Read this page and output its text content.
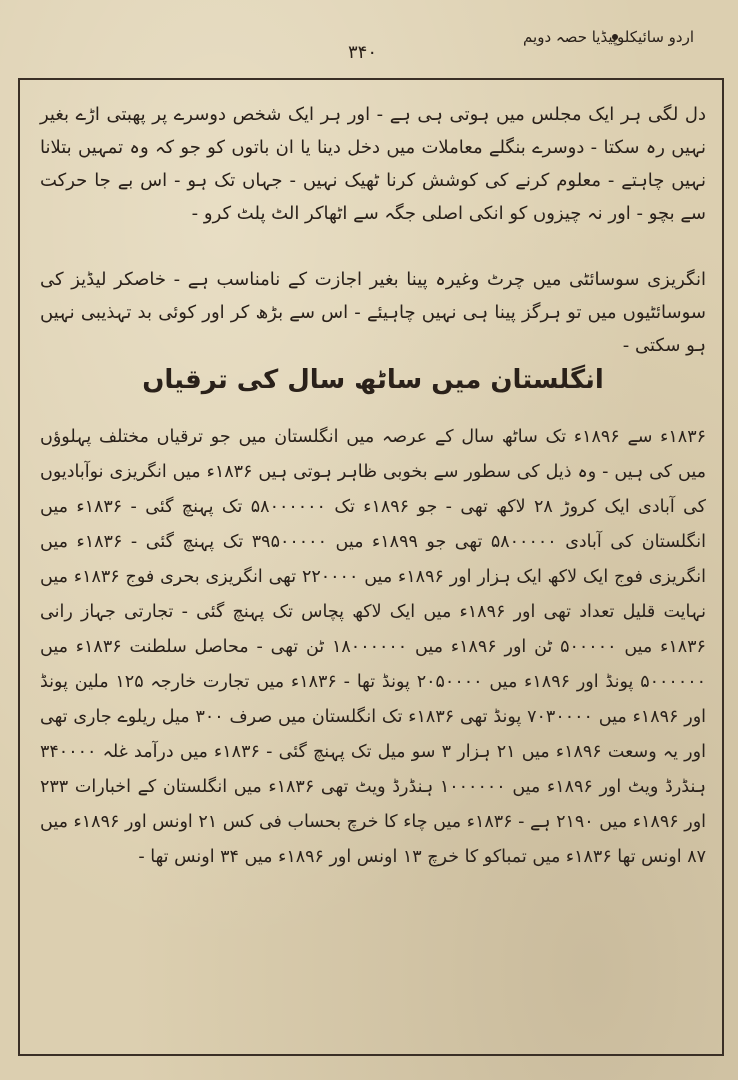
اردو سائیکلوپیڈیا حصہ دویم
۳۴۰

دل لگی ہر ایک مجلس میں ہوتی ہی ہے - اور ہر ایک شخص دوسرے پر پھبتی اڑے بغیر نہیں رہ سکتا - دوسرے بنگلے معاملات میں دخل دینا یا ان باتوں کو جو کہ وہ تمہیں بتلانا نہیں چاہتے - معلوم کرنے کی کوشش کرنا ٹھیک نہیں - جہاں تک ہو - اس بے جا حرکت سے بچو - اور نہ چیزوں کو انکی اصلی جگہ سے اٹھاکر الٹ پلٹ کرو -

انگریزی سوسائٹی میں چرٹ وغیرہ پینا بغیر اجازت کے نامناسب ہے - خاصکر لیڈیز کی سوسائٹیوں میں تو ہرگز پینا ہی نہیں چاہیئے - اس سے بڑھ کر اور کوئی بد تہذیبی نہیں ہو سکتی -

انگلستان میں ساٹھ سال کی ترقیاں

۱۸۳۶ء سے ۱۸۹۶ء تک ساٹھ سال کے عرصہ میں انگلستان میں جو ترقیاں مختلف پہلوؤں میں کی ہیں - وہ ذیل کی سطور سے بخوبی ظاہر ہوتی ہیں ۱۸۳۶ء میں انگریزی نوآبادیوں کی آبادی ایک کروڑ ۲۸ لاکھ تھی - جو ۱۸۹۶ء تک ۵۸۰۰۰۰۰۰ تک پہنچ گئی - ۱۸۳۶ء میں انگلستان کی آبادی ۵۸۰۰۰۰۰ تھی جو ۱۸۹۹ء میں ۳۹۵۰۰۰۰۰ تک پہنچ گئی - ۱۸۳۶ء میں انگریزی فوج ایک لاکھ ایک ہزار اور ۱۸۹۶ء میں ۲۲۰۰۰۰ تھی انگریزی بحری فوج ۱۸۳۶ء میں نہایت قلیل تعداد تھی اور ۱۸۹۶ء میں ایک لاکھ پچاس تک پہنچ گئی - تجارتی جہاز رانی ۱۸۳۶ء میں ۵۰۰۰۰۰ ٹن اور ۱۸۹۶ء میں ۱۸۰۰۰۰۰۰ ٹن تھی - محاصل سلطنت ۱۸۳۶ء میں ۵۰۰۰۰۰۰ پونڈ اور ۱۸۹۶ء میں ۲۰۵۰۰۰۰ پونڈ تھا - ۱۸۳۶ء میں تجارت خارجہ ۱۲۵ ملین پونڈ اور ۱۸۹۶ء میں ۷۰۳۰۰۰۰ پونڈ تھی ۱۸۳۶ء تک انگلستان میں صرف ۳۰۰ میل ریلوے جاری تھی اور یہ وسعت ۱۸۹۶ء میں ۲۱ ہزار ۳ سو میل تک پہنچ گئی - ۱۸۳۶ء میں درآمد غلہ ۳۴۰۰۰۰ ہنڈرڈ ویٹ اور ۱۸۹۶ء میں ۱۰۰۰۰۰۰ ہنڈرڈ ویٹ تھی ۱۸۳۶ء میں انگلستان کے اخبارات ۲۳۳ اور ۱۸۹۶ء میں ۲۱۹۰ ہے - ۱۸۳۶ء میں چاء کا خرچ بحساب فی کس ۲۱ اونس اور ۱۸۹۶ء میں ۸۷ اونس تھا ۱۸۳۶ء میں تمباکو کا خرچ ۱۳ اونس اور ۱۸۹۶ء میں ۳۴ اونس تھا -
